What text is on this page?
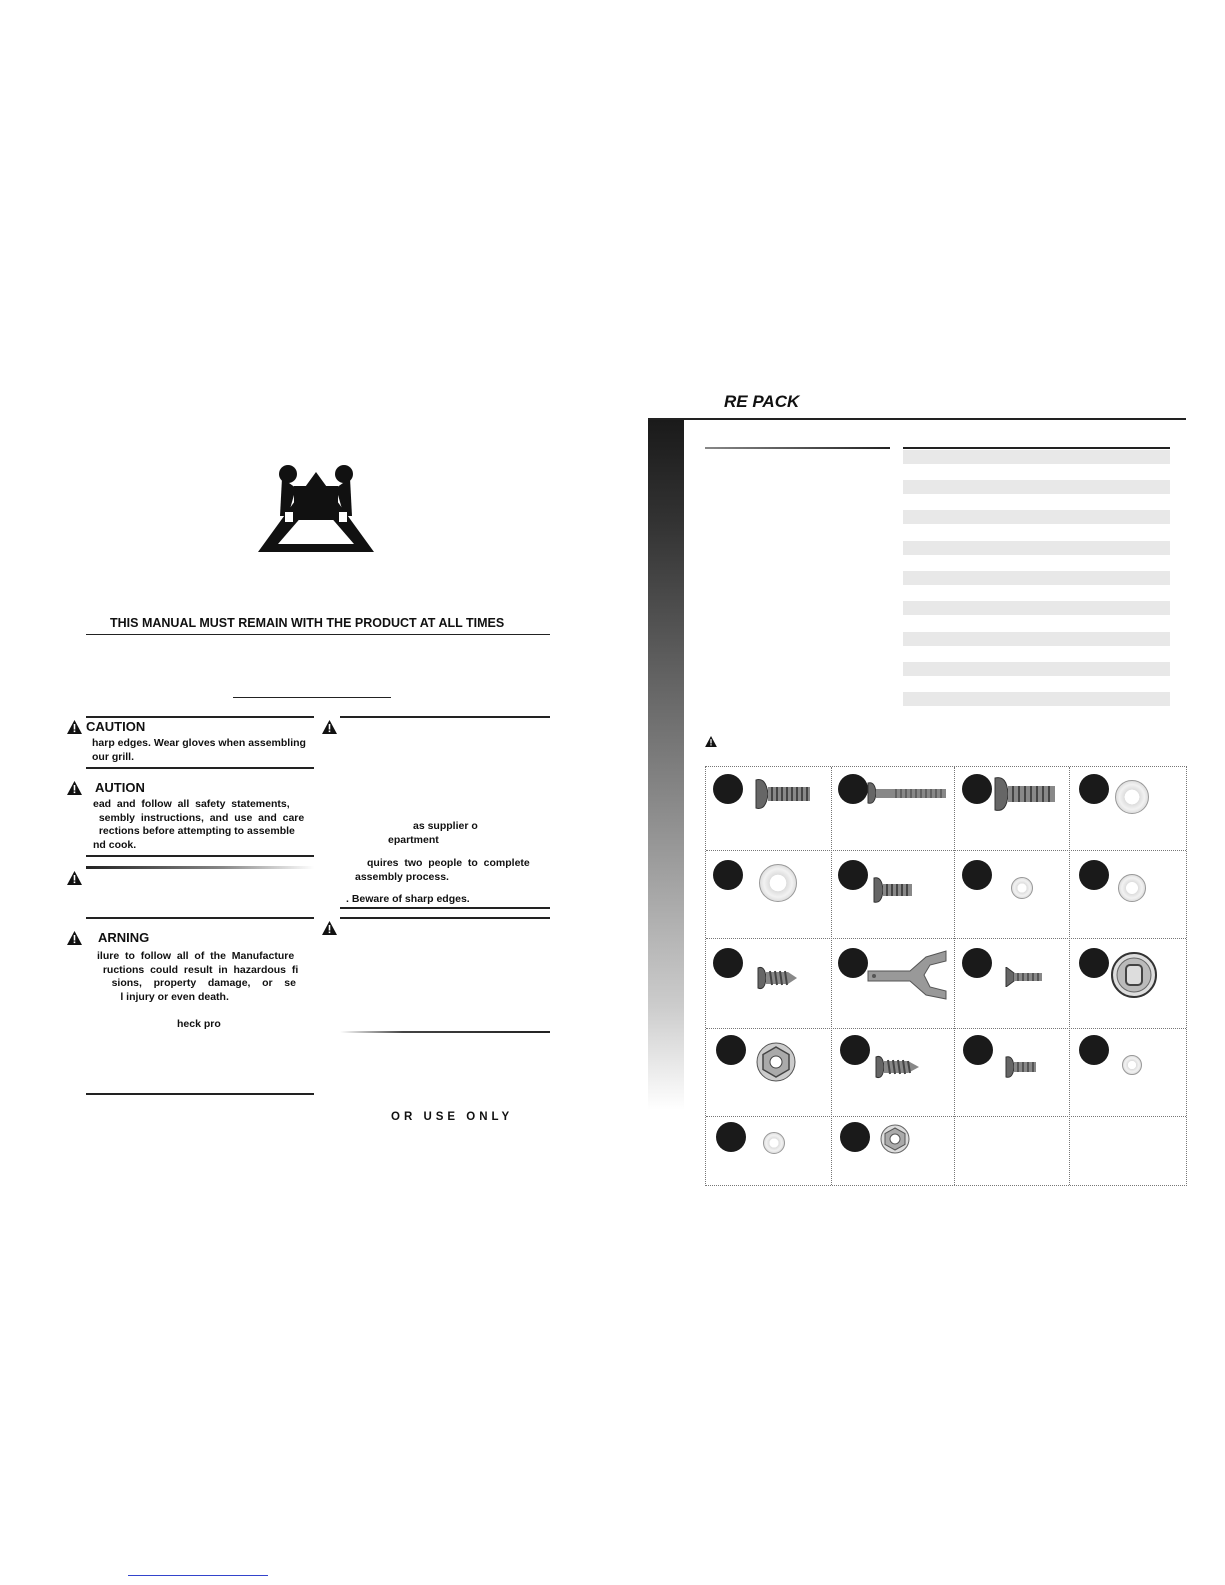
THIS MANUAL MUST REMAIN WITH THE PRODUCT AT ALL TIMES
CAUTION

harp edges. Wear gloves when assembling

our grill.

AUTION

ead  and  follow  all  safety  statements,

sembly  instructions,  and  use  and  care

rections before attempting to assemble

nd cook.

ARNING

ilure  to  follow  all  of  the  Manufacture

ructions  could  result  in  hazardous  fi

sions,    property    damage,    or    se

l injury or even death.

heck pro

as supplier o

epartment

quires  two  people  to  complete

assembly process.

. Beware of sharp edges.
OR USE ONLY
RE PACK
